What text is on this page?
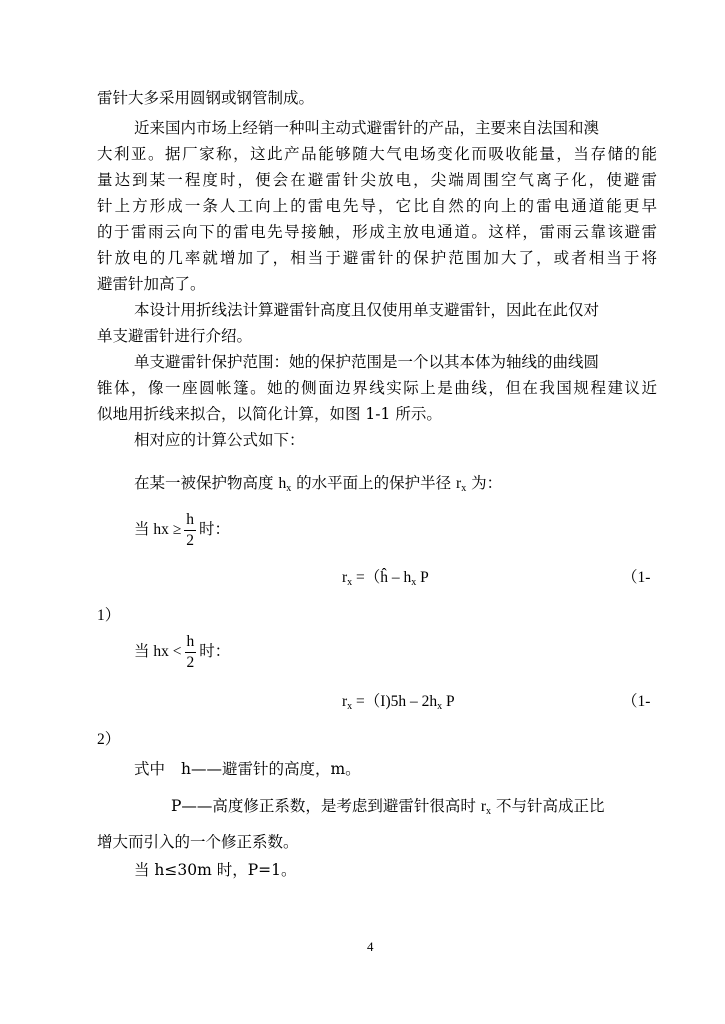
雷针大多采用圆钢或钢管制成。
近来国内市场上经销一种叫主动式避雷针的产品，主要来自法国和澳
大利亚。据厂家称，这此产品能够随大气电场变化而吸收能量，当存储的能
量达到某一程度时，便会在避雷针尖放电，尖端周围空气离子化，使避雷
针上方形成一条人工向上的雷电先导，它比自然的向上的雷电通道能更早
的于雷雨云向下的雷电先导接触，形成主放电通道。这样，雷雨云靠该避雷
针放电的几率就增加了，相当于避雷针的保护范围加大了，或者相当于将
避雷针加高了。
本设计用折线法计算避雷针高度且仅使用单支避雷针，因此在此仅对
单支避雷针进行介绍。
单支避雷针保护范围：她的保护范围是一个以其本体为轴线的曲线圆
锥体，像一座圆帐篷。她的侧面边界线实际上是曲线，但在我国规程建议近
似地用折线来拟合，以简化计算，如图 1-1 所示。
相对应的计算公式如下：
在某一被保护物高度 $h_x$ 的水平面上的保护半径 $r_x$ 为：
当 hx ≥ $\frac{h}{2}$ 时：
$r_x$ =（ĥ – $h_x$ P	（1-
1）
当 hx < $\frac{h}{2}$ 时：
$r_x =(I)5h - 2h_x$ P	（1-
2）
式中 h——避雷针的高度，m。
P——高度修正系数，是考虑到避雷针很高时 $r_x$ 不与针高成正比
增大而引入的一个修正系数。
当 h≤30m 时，P=1。
4
